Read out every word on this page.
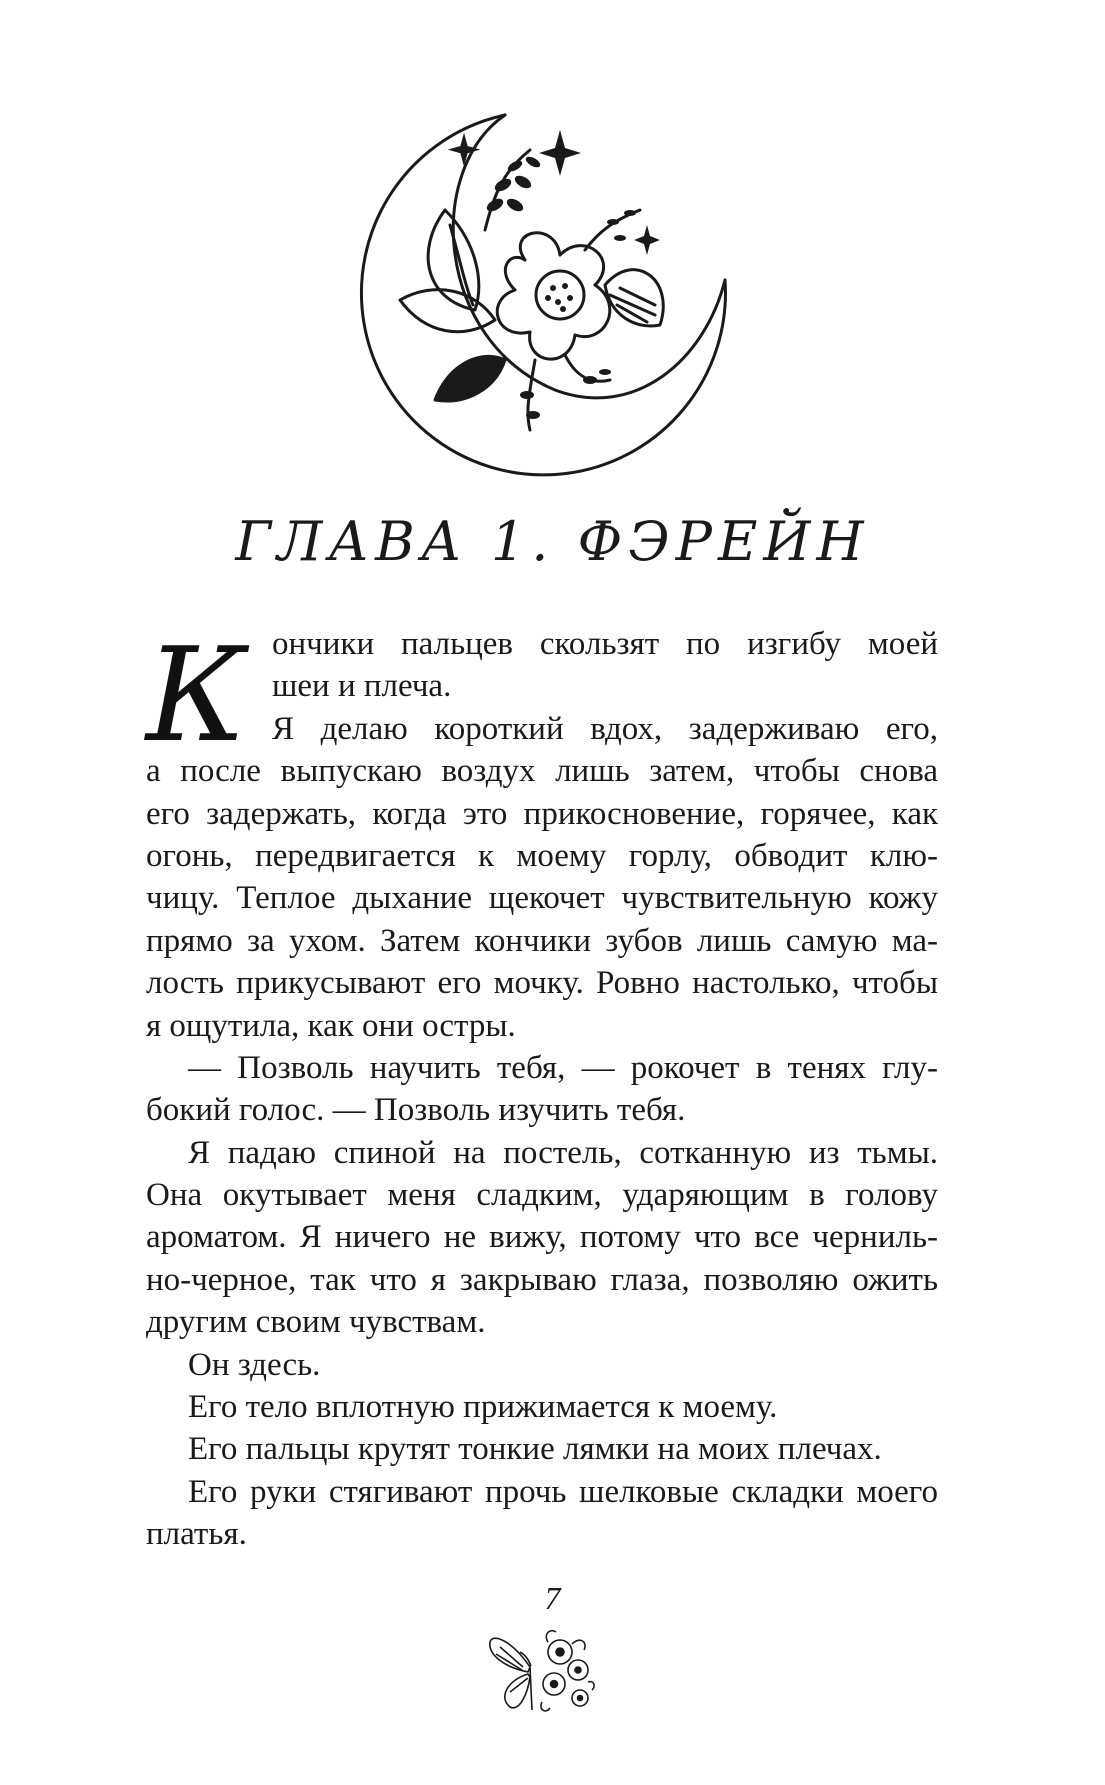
ГЛАВА 1. ФЭРЕЙН
К ончики пальцев скользят по изгибу моей
шеи и плеча.
Я делаю короткий вдох, задерживаю его,
а после выпускаю воздух лишь затем, чтобы снова
его задержать, когда это прикосновение, горячее, как
огонь, передвигается к моему горлу, обводит клю-
чицу. Теплое дыхание щекочет чувствительную кожу
прямо за ухом. Затем кончики зубов лишь самую ма-
лость прикусывают его мочку. Ровно настолько, чтобы
я ощутила, как они остры.
— Позволь научить тебя, — рокочет в тенях глу-
бокий голос. — Позволь изучить тебя.
Я падаю спиной на постель, сотканную из тьмы.
Она окутывает меня сладким, ударяющим в голову
ароматом. Я ничего не вижу, потому что все черниль-
но-черное, так что я закрываю глаза, позволяю ожить
другим своим чувствам.
Он здесь.
Его тело вплотную прижимается к моему.
Его пальцы крутят тонкие лямки на моих плечах.
Его руки стягивают прочь шелковые складки моего
платья.
7
